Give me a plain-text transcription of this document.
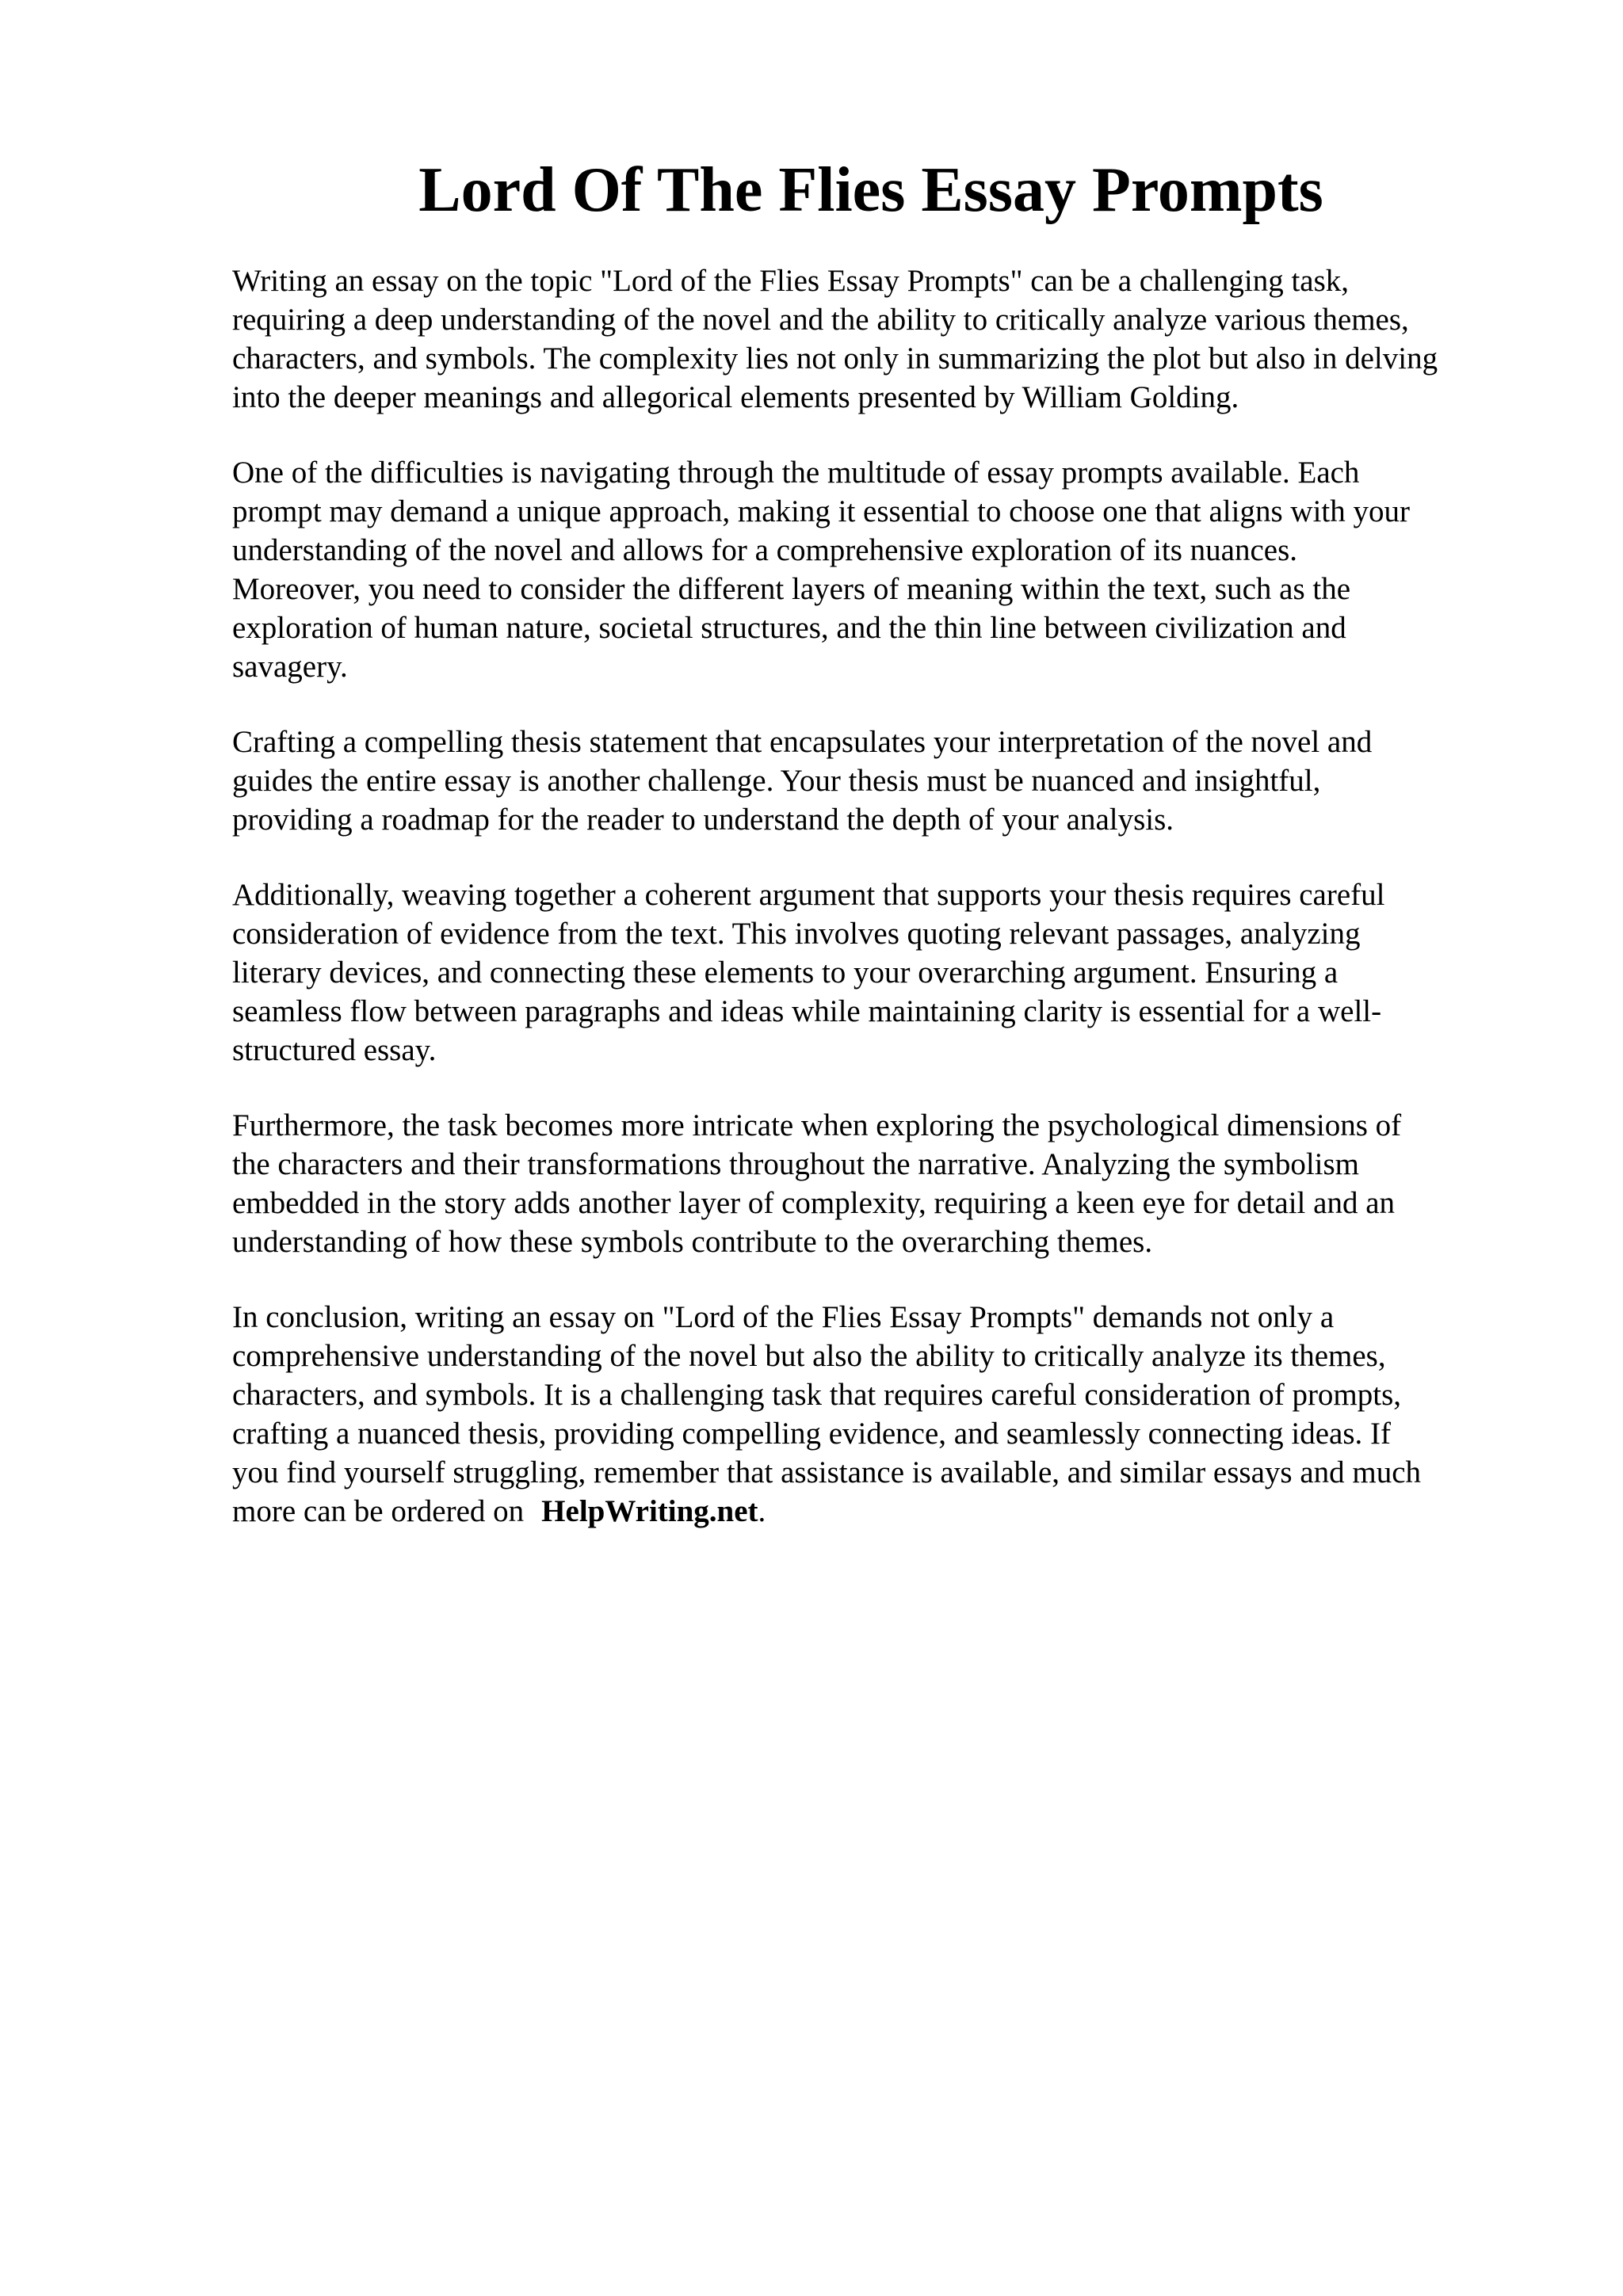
Lord Of The Flies Essay Prompts

Writing an essay on the topic "Lord of the Flies Essay Prompts" can be a challenging task,
requiring a deep understanding of the novel and the ability to critically analyze various themes,
characters, and symbols. The complexity lies not only in summarizing the plot but also in delving
into the deeper meanings and allegorical elements presented by William Golding.

One of the difficulties is navigating through the multitude of essay prompts available. Each
prompt may demand a unique approach, making it essential to choose one that aligns with your
understanding of the novel and allows for a comprehensive exploration of its nuances.
Moreover, you need to consider the different layers of meaning within the text, such as the
exploration of human nature, societal structures, and the thin line between civilization and
savagery.

Crafting a compelling thesis statement that encapsulates your interpretation of the novel and
guides the entire essay is another challenge. Your thesis must be nuanced and insightful,
providing a roadmap for the reader to understand the depth of your analysis.

Additionally, weaving together a coherent argument that supports your thesis requires careful
consideration of evidence from the text. This involves quoting relevant passages, analyzing
literary devices, and connecting these elements to your overarching argument. Ensuring a
seamless flow between paragraphs and ideas while maintaining clarity is essential for a well-
structured essay.

Furthermore, the task becomes more intricate when exploring the psychological dimensions of
the characters and their transformations throughout the narrative. Analyzing the symbolism
embedded in the story adds another layer of complexity, requiring a keen eye for detail and an
understanding of how these symbols contribute to the overarching themes.

In conclusion, writing an essay on "Lord of the Flies Essay Prompts" demands not only a
comprehensive understanding of the novel but also the ability to critically analyze its themes,
characters, and symbols. It is a challenging task that requires careful consideration of prompts,
crafting a nuanced thesis, providing compelling evidence, and seamlessly connecting ideas. If
you find yourself struggling, remember that assistance is available, and similar essays and much
more can be ordered on HelpWriting.net.
